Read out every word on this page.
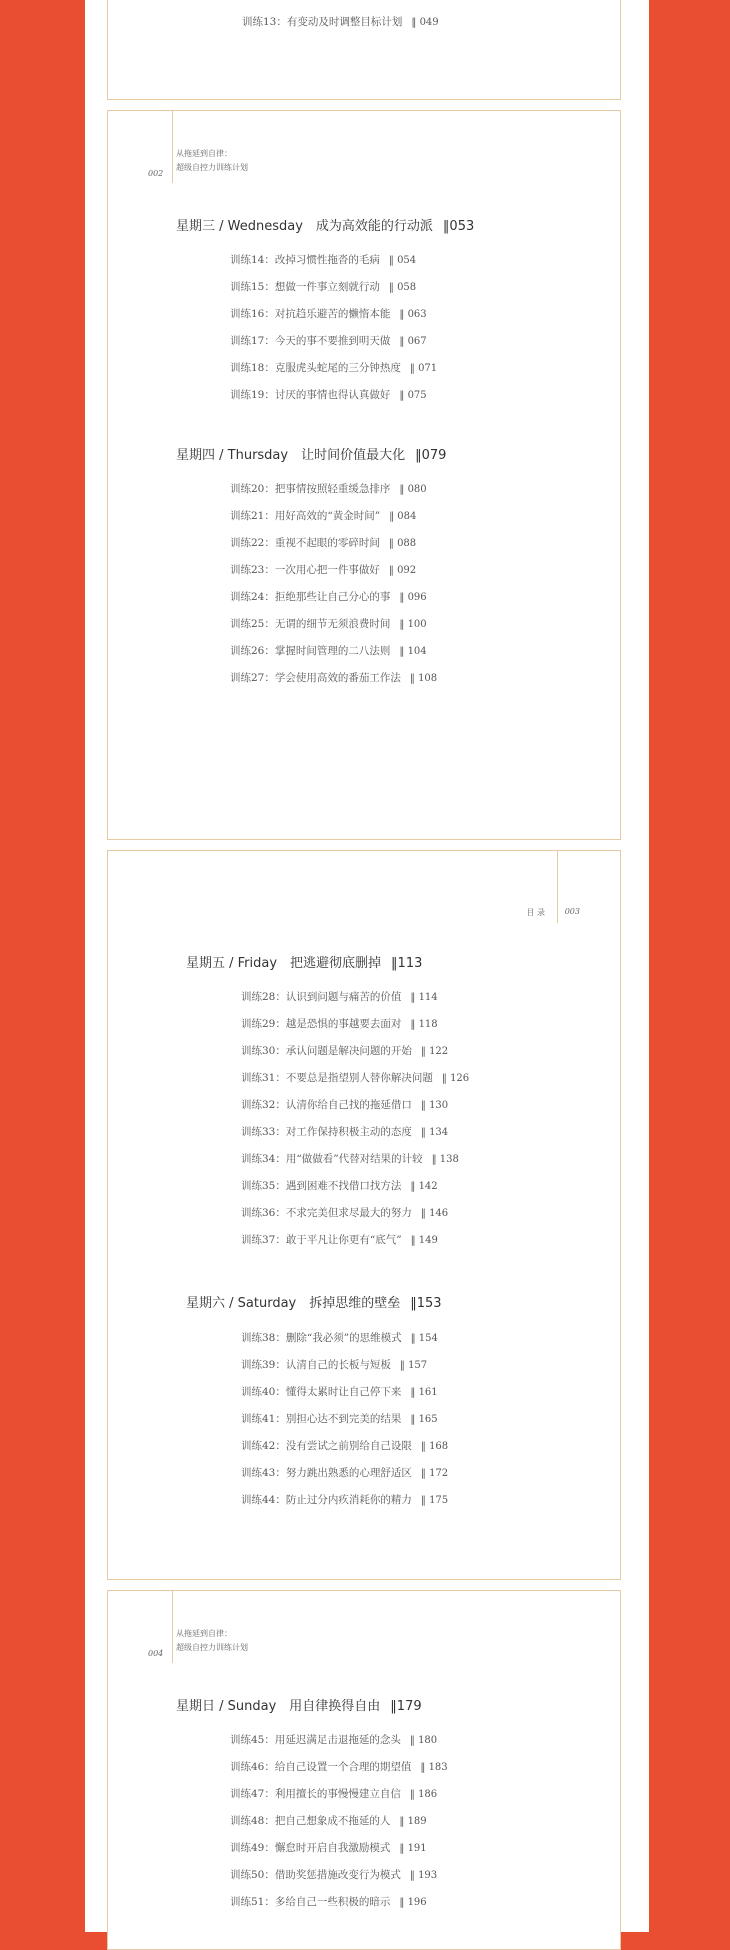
训练13：有变动及时调整目标计划 ‖ 049
002
从拖延到自律：
超级自控力训练计划
星期三 / Wednesday　成为高效能的行动派 ‖053
训练14：改掉习惯性拖沓的毛病 ‖ 054
训练15：想做一件事立刻就行动 ‖ 058
训练16：对抗趋乐避苦的懒惰本能 ‖ 063
训练17：今天的事不要推到明天做 ‖ 067
训练18：克服虎头蛇尾的三分钟热度 ‖ 071
训练19：讨厌的事情也得认真做好 ‖ 075
星期四 / Thursday　让时间价值最大化 ‖079
训练20：把事情按照轻重缓急排序 ‖ 080
训练21：用好高效的“黄金时间” ‖ 084
训练22：重视不起眼的零碎时间 ‖ 088
训练23：一次用心把一件事做好 ‖ 092
训练24：拒绝那些让自己分心的事 ‖ 096
训练25：无谓的细节无须浪费时间 ‖ 100
训练26：掌握时间管理的二八法则 ‖ 104
训练27：学会使用高效的番茄工作法 ‖ 108
目 录 003
星期五 / Friday　把逃避彻底删掉 ‖113
训练28：认识到问题与痛苦的价值 ‖ 114
训练29：越是恐惧的事越要去面对 ‖ 118
训练30：承认问题是解决问题的开始 ‖ 122
训练31：不要总是指望别人替你解决问题 ‖ 126
训练32：认清你给自己找的拖延借口 ‖ 130
训练33：对工作保持积极主动的态度 ‖ 134
训练34：用“做做看”代替对结果的计较 ‖ 138
训练35：遇到困难不找借口找方法 ‖ 142
训练36：不求完美但求尽最大的努力 ‖ 146
训练37：敢于平凡让你更有“底气” ‖ 149
星期六 / Saturday　拆掉思维的壁垒 ‖153
训练38：删除“我必须”的思维模式 ‖ 154
训练39：认清自己的长板与短板 ‖ 157
训练40：懂得太累时让自己停下来 ‖ 161
训练41：别担心达不到完美的结果 ‖ 165
训练42：没有尝试之前别给自己设限 ‖ 168
训练43：努力跳出熟悉的心理舒适区 ‖ 172
训练44：防止过分内疚消耗你的精力 ‖ 175
004
从拖延到自律：
超级自控力训练计划
星期日 / Sunday　用自律换得自由 ‖179
训练45：用延迟满足击退拖延的念头 ‖ 180
训练46：给自己设置一个合理的期望值 ‖ 183
训练47：利用擅长的事慢慢建立自信 ‖ 186
训练48：把自己想象成不拖延的人 ‖ 189
训练49：懈怠时开启自我激励模式 ‖ 191
训练50：借助奖惩措施改变行为模式 ‖ 193
训练51：多给自己一些积极的暗示 ‖ 196
